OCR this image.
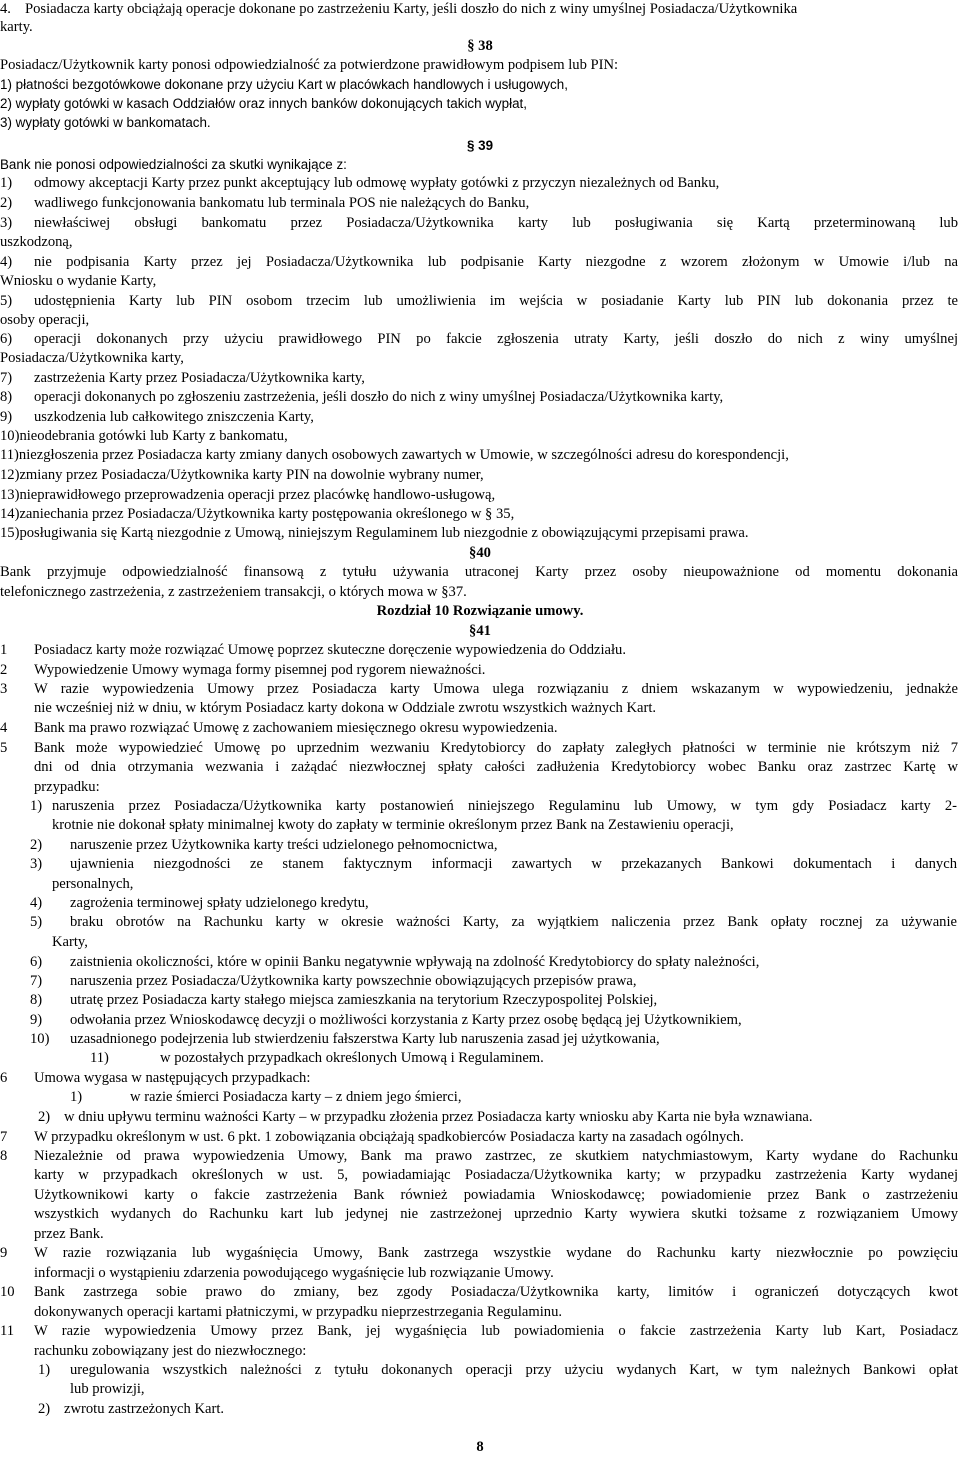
4. Posiadacza karty obciążają operacje dokonane po zastrzeżeniu Karty, jeśli doszło do nich z winy umyślnej Posiadacza/Użytkownika
karty.
§ 38
Posiadacz/Użytkownik karty ponosi odpowiedzialność za potwierdzone prawidłowym podpisem lub PIN:
1) płatności bezgotówkowe dokonane przy użyciu Kart w placówkach handlowych i usługowych,
2) wypłaty gotówki w kasach Oddziałów oraz innych banków dokonujących takich wypłat,
3) wypłaty gotówki w bankomatach.
§ 39
Bank nie ponosi odpowiedzialności za skutki wynikające z:
1) odmowy akceptacji Karty przez punkt akceptujący lub odmowę wypłaty gotówki z przyczyn niezależnych od Banku,
2) wadliwego funkcjonowania bankomatu lub terminala POS nie należących do Banku,
3) niewłaściwej obsługi bankomatu przez Posiadacza/Użytkownika karty lub posługiwania się Kartą przeterminowaną lub
uszkodzoną,
4) nie podpisania Karty przez jej Posiadacza/Użytkownika lub podpisanie Karty niezgodne z wzorem złożonym w Umowie i/lub na
Wniosku o wydanie Karty,
5) udostępnienia Karty lub PIN osobom trzecim lub umożliwienia im wejścia w posiadanie Karty lub PIN lub dokonania przez te
osoby operacji,
6) operacji dokonanych przy użyciu prawidłowego PIN po fakcie zgłoszenia utraty Karty, jeśli doszło do nich z winy umyślnej
Posiadacza/Użytkownika karty,
7) zastrzeżenia Karty przez Posiadacza/Użytkownika karty,
8) operacji dokonanych po zgłoszeniu zastrzeżenia, jeśli doszło do nich z winy umyślnej Posiadacza/Użytkownika karty,
9) uszkodzenia lub całkowitego zniszczenia Karty,
10)nieodebrania gotówki lub Karty z bankomatu,
11)niezgłoszenia przez Posiadacza karty zmiany danych osobowych zawartych w Umowie, w szczególności adresu do korespondencji,
12)zmiany przez Posiadacza/Użytkownika karty PIN na dowolnie wybrany numer,
13)nieprawidłowego przeprowadzenia operacji przez placówkę handlowo-usługową,
14)zaniechania przez Posiadacza/Użytkownika karty postępowania określonego w § 35,
15)posługiwania się Kartą niezgodnie z Umową, niniejszym Regulaminem lub niezgodnie z obowiązującymi przepisami prawa.
§40
Bank przyjmuje odpowiedzialność finansową z tytułu używania utraconej Karty przez osoby nieupoważnione od momentu dokonania
telefonicznego zastrzeżenia, z zastrzeżeniem transakcji, o których mowa w §37.
Rozdział 10 Rozwiązanie umowy.
§41
1 Posiadacz karty może rozwiązać Umowę poprzez skuteczne doręczenie wypowiedzenia do Oddziału.
2 Wypowiedzenie Umowy wymaga formy pisemnej pod rygorem nieważności.
3 W razie wypowiedzenia Umowy przez Posiadacza karty Umowa ulega rozwiązaniu z dniem wskazanym w wypowiedzeniu, jednakże
nie wcześniej niż w dniu, w którym Posiadacz karty dokona w Oddziale zwrotu wszystkich ważnych Kart.
4 Bank ma prawo rozwiązać Umowę z zachowaniem miesięcznego okresu wypowiedzenia.
5 Bank może wypowiedzieć Umowę po uprzednim wezwaniu Kredytobiorcy do zapłaty zaległych płatności w terminie nie krótszym niż 7
dni od dnia otrzymania wezwania i zażądać niezwłocznej spłaty całości zadłużenia Kredytobiorcy wobec Banku oraz zastrzec Kartę w
przypadku:
1) naruszenia przez Posiadacza/Użytkownika karty postanowień niniejszego Regulaminu lub Umowy, w tym gdy Posiadacz karty 2-
krotnie nie dokonał spłaty minimalnej kwoty do zapłaty w terminie określonym przez Bank na Zestawieniu operacji,
2) naruszenie przez Użytkownika karty treści udzielonego pełnomocnictwa,
3) ujawnienia niezgodności ze stanem faktycznym informacji zawartych w przekazanych Bankowi dokumentach i danych
personalnych,
4) zagrożenia terminowej spłaty udzielonego kredytu,
5) braku obrotów na Rachunku karty w okresie ważności Karty, za wyjątkiem naliczenia przez Bank opłaty rocznej za używanie
Karty,
6) zaistnienia okoliczności, które w opinii Banku negatywnie wpływają na zdolność Kredytobiorcy do spłaty należności,
7) naruszenia przez Posiadacza/Użytkownika karty powszechnie obowiązujących przepisów prawa,
8) utratę przez Posiadacza karty stałego miejsca zamieszkania na terytorium Rzeczypospolitej Polskiej,
9) odwołania przez Wnioskodawcę decyzji o możliwości korzystania z Karty przez osobę będącą jej Użytkownikiem,
10) uzasadnionego podejrzenia lub stwierdzeniu fałszerstwa Karty lub naruszenia zasad jej użytkowania,
11)	w pozostałych przypadkach określonych Umową i Regulaminem.
6 Umowa wygasa w następujących przypadkach:
1)	w razie śmierci Posiadacza karty – z dniem jego śmierci,
2) w dniu upływu terminu ważności Karty – w przypadku złożenia przez Posiadacza karty wniosku aby Karta nie była wznawiana.
7 W przypadku określonym w ust. 6 pkt. 1 zobowiązania obciążają spadkobierców Posiadacza karty na zasadach ogólnych.
8 Niezależnie od prawa wypowiedzenia Umowy, Bank ma prawo zastrzec, ze skutkiem natychmiastowym, Karty wydane do Rachunku
karty w przypadkach określonych w ust. 5, powiadamiając Posiadacza/Użytkownika karty; w przypadku zastrzeżenia Karty wydanej
Użytkownikowi karty o fakcie zastrzeżenia Bank również powiadamia Wnioskodawcę; powiadomienie przez Bank o zastrzeżeniu
wszystkich wydanych do Rachunku kart lub jedynej nie zastrzeżonej uprzednio Karty wywiera skutki tożsame z rozwiązaniem Umowy
przez Bank.
9 W razie rozwiązania lub wygaśnięcia Umowy, Bank zastrzega wszystkie wydane do Rachunku karty niezwłocznie po powzięciu
informacji o wystąpieniu zdarzenia powodującego wygaśnięcie lub rozwiązanie Umowy.
10 Bank zastrzega sobie prawo do zmiany, bez zgody Posiadacza/Użytkownika karty, limitów i ograniczeń dotyczących kwot
dokonywanych operacji kartami płatniczymi, w przypadku nieprzestrzegania Regulaminu.
11 W razie wypowiedzenia Umowy przez Bank, jej wygaśnięcia lub powiadomienia o fakcie zastrzeżenia Karty lub Kart, Posiadacz
rachunku zobowiązany jest do niezwłocznego:
1) uregulowania wszystkich należności z tytułu dokonanych operacji przy użyciu wydanych Kart, w tym należnych Bankowi opłat
lub prowizji,
2) zwrotu zastrzeżonych Kart.
8
